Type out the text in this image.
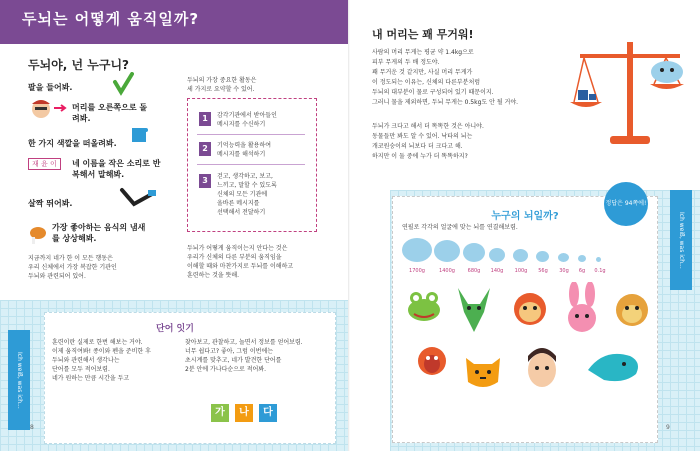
두뇌는 어떻게 움직일까?
두뇌야, 넌 누구니?
팔을 들어봐.
머리를 오른쪽으로 돌려봐.
한 가지 색깔을 떠올려봐.
재 윤 이	네 이름을 작은 소리로 반복해서 말해봐.
살짝 뛰어봐.
가장 좋아하는 음식의 냄새를 상상해봐.
지금까지 네가 한 이 모든 행동은
우리 신체에서 가장 복잡한 기관인
두뇌와 관련되어 있어.
두뇌의 가장 중요한 활동은
세 가지로 요약할 수 있어.
1	감각기관에서 받아들인
메시지를 수신하기
2	기억능력을 활용하여
메시지를 해석하기
3	걷고, 생각하고, 보고,
느끼고, 말할 수 있도록
신체의 모든 기관에
올바른 메시지를
선택해서 전달하기
두뇌가 어떻게 움직이는지 안다는 것은
우리가 신체의 다른 부분의 움직임을
이해할 때와 마찬가지로 두뇌를 이해하고
훈련하는 것을 뜻해.
단어 잇기
훈련이란 실제로 한번 해보는 거야.
이제 움직여봐! 종이와 펜을 준비한 후
두뇌와 관련해서 생각나는
단어를 모두 적어보렴.
네가 원하는 만큼 시간을 두고
찾아보고, 관찰하고, 놀면서 정보를 얻어보렴.
너무 쉽다고? 좋아, 그럼 이번에는
초시계를 맞추고, 네가 발견한 단어를
2분 안에 가나다순으로 적어봐.
가	나	다
Ich weiß, was ich...
8
내 머리는 꽤 무거워!
사람의 머리 무게는 평균 약 1.4kg으로
피부 무게의 두 배 정도야.
꽤 무거운 것 같지만, 사실 머리 무게가
이 정도되는 이유는, 신체의 다른부분처럼
두뇌의 대부분이 물로 구성되어 있기 때문이지.
그러니 물을 제외하면, 두뇌 무게는 0.5kg도 안 될 거야.
두뇌가 크다고 해서 더 똑똑한 것은 아니야.
동물들만 봐도 알 수 있어. 낙타의 뇌는
개코원숭이의 뇌보다 더 크다고 해.
하지만 이 둘 중에 누가 더 똑똑하지?
누구의 뇌일까?
연필로 각각의 얼굴에 맞는 뇌를 연결해보렴.
정답은 94쪽에!
1700g	1400g	680g	140g	100g	56g	30g	6g	0.1g
Ich weiß, was ich...
9
